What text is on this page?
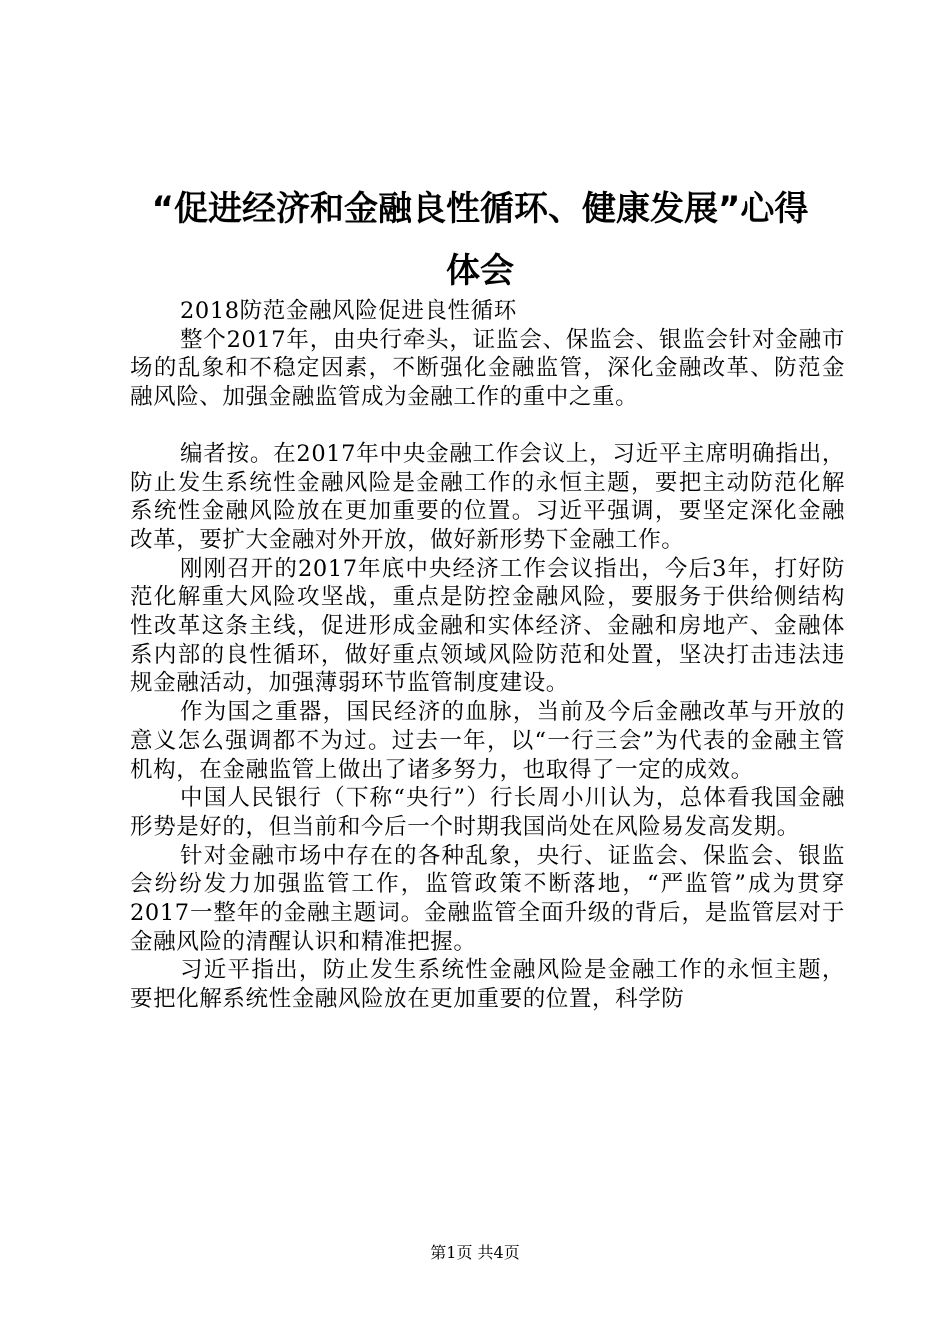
“促进经济和金融良性循环、健康发展”心得
体会

2018防范金融风险促进良性循环

整个2017年，由央行牵头，证监会、保监会、银监会针对金融市场的乱象和不稳定因素，不断强化金融监管，深化金融改革、防范金融风险、加强金融监管成为金融工作的重中之重。

编者按。在2017年中央金融工作会议上，习近平主席明确指出，防止发生系统性金融风险是金融工作的永恒主题，要把主动防范化解系统性金融风险放在更加重要的位置。习近平强调，要坚定深化金融改革，要扩大金融对外开放，做好新形势下金融工作。

刚刚召开的2017年底中央经济工作会议指出，今后3年，打好防范化解重大风险攻坚战，重点是防控金融风险，要服务于供给侧结构性改革这条主线，促进形成金融和实体经济、金融和房地产、金融体系内部的良性循环，做好重点领域风险防范和处置，坚决打击违法违规金融活动，加强薄弱环节监管制度建设。

作为国之重器，国民经济的血脉，当前及今后金融改革与开放的意义怎么强调都不为过。过去一年，以“一行三会”为代表的金融主管机构，在金融监管上做出了诸多努力，也取得了一定的成效。

中国人民银行（下称“央行”）行长周小川认为，总体看我国金融形势是好的，但当前和今后一个时期我国尚处在风险易发高发期。

针对金融市场中存在的各种乱象，央行、证监会、保监会、银监会纷纷发力加强监管工作，监管政策不断落地，“严监管”成为贯穿2017一整年的金融主题词。金融监管全面升级的背后，是监管层对于金融风险的清醒认识和精准把握。

习近平指出，防止发生系统性金融风险是金融工作的永恒主题，要把化解系统性金融风险放在更加重要的位置，科学防

第1页 共4页
